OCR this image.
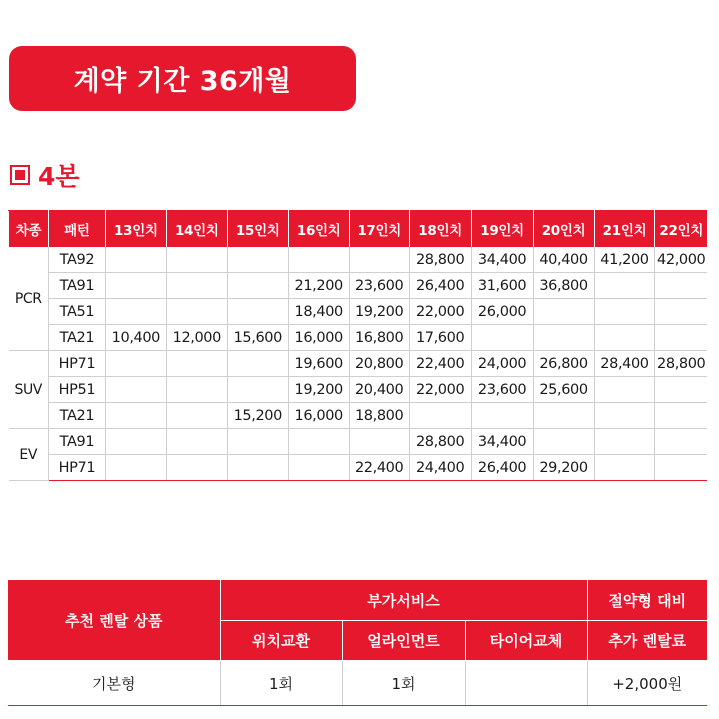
계약 기간 36개월
4본
차종	패턴	13인치	14인치	15인치	16인치	17인치	18인치	19인치	20인치	21인치	22인치
PCR	TA92						28,800	34,400	40,400	41,200	42,000
	TA91				21,200	23,600	26,400	31,600	36,800		
	TA51				18,400	19,200	22,000	26,000			
	TA21	10,400	12,000	15,600	16,000	16,800	17,600				
SUV	HP71				19,600	20,800	22,400	24,000	26,800	28,400	28,800
	HP51				19,200	20,400	22,000	23,600	25,600		
	TA21			15,200	16,000	18,800					
EV	TA91						28,800	34,400			
	HP71					22,400	24,400	26,400	29,200		
추천 렌탈 상품	부가서비스			절약형 대비
	위치교환	얼라인먼트	타이어교체	추가 렌탈료
기본형	1회	1회		+2,000원
